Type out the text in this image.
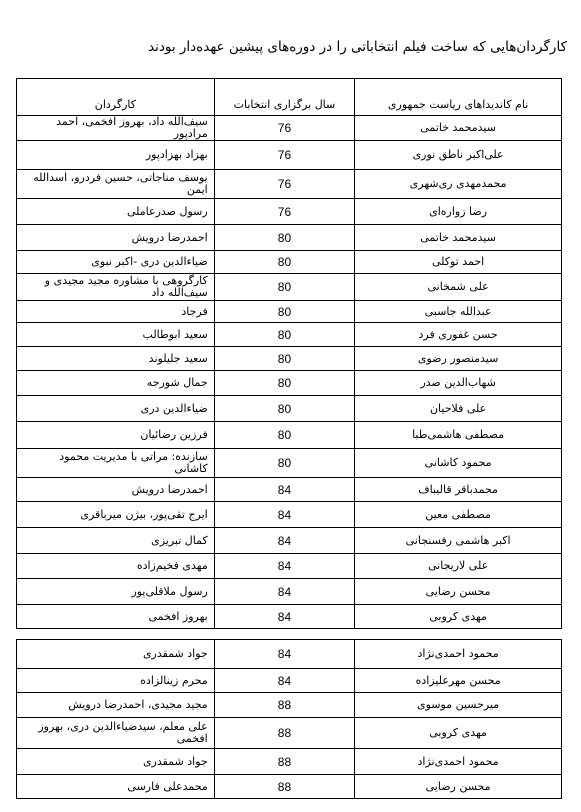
کارگردان‌هایی که ساخت فیلم انتخاباتی را در دوره‌های پیشین عهده‌دار بودند
نام کاندیداهای ریاست جمهوری	سال برگزاری انتخابات	کارگردان
سیدمحمد خاتمی	76	سیف‌الله داد، بهروز افخمی، احمد مرادپور
علی‌اکبر ناطق نوری	76	بهزاد بهزادپور
محمدمهدی ری‌شهری	76	یوسف مناجاتی، حسین فردرو، اسدالله ایمن
رضا زواره‌ای	76	رسول صدرعاملی
سیدمحمد خاتمی	80	احمدرضا درویش
احمد توکلی	80	ضیاءالدین دری -اکبر نبوی
علی شمخانی	80	کارگروهی با مشاوره مجید مجیدی و سیف‌الله داد
عبدالله جاسبی	80	فرجاد
حسن غفوری فرد	80	سعید ابوطالب
سیدمنصور رضوی	80	سعید جلیلوند
شهاب‌الدین صدر	80	جمال شورجه
علی فلاحیان	80	ضیاءالدین دری
مصطفی هاشمی‌طبا	80	فرزین رضائیان
محمود کاشانی	80	سازنده: مراتی با مدیریت محمود کاشانی
محمدباقر قالیباف	84	احمدرضا درویش
مصطفی معین	84	ایرج تقی‌پور، بیژن میرباقری
اکبر هاشمی رفسنجانی	84	کمال تبریزی
علی لاریجانی	84	مهدی فخیم‌زاده
محسن رضایی	84	رسول ملاقلی‌پور
مهدی کروبی	84	بهروز افخمی
محمود احمدی‌نژاد	84	جواد شمقدری
محسن مهرعلیزاده	84	محرم زینالزاده
میرحسین موسوی	88	مجید مجیدی، احمدرضا درویش
مهدی کروبی	88	علی معلم، سیدضیاءالدین دری، بهروز افخمی
محمود احمدی‌نژاد	88	جواد شمقدری
محسن رضایی	88	محمدعلی فارسی
